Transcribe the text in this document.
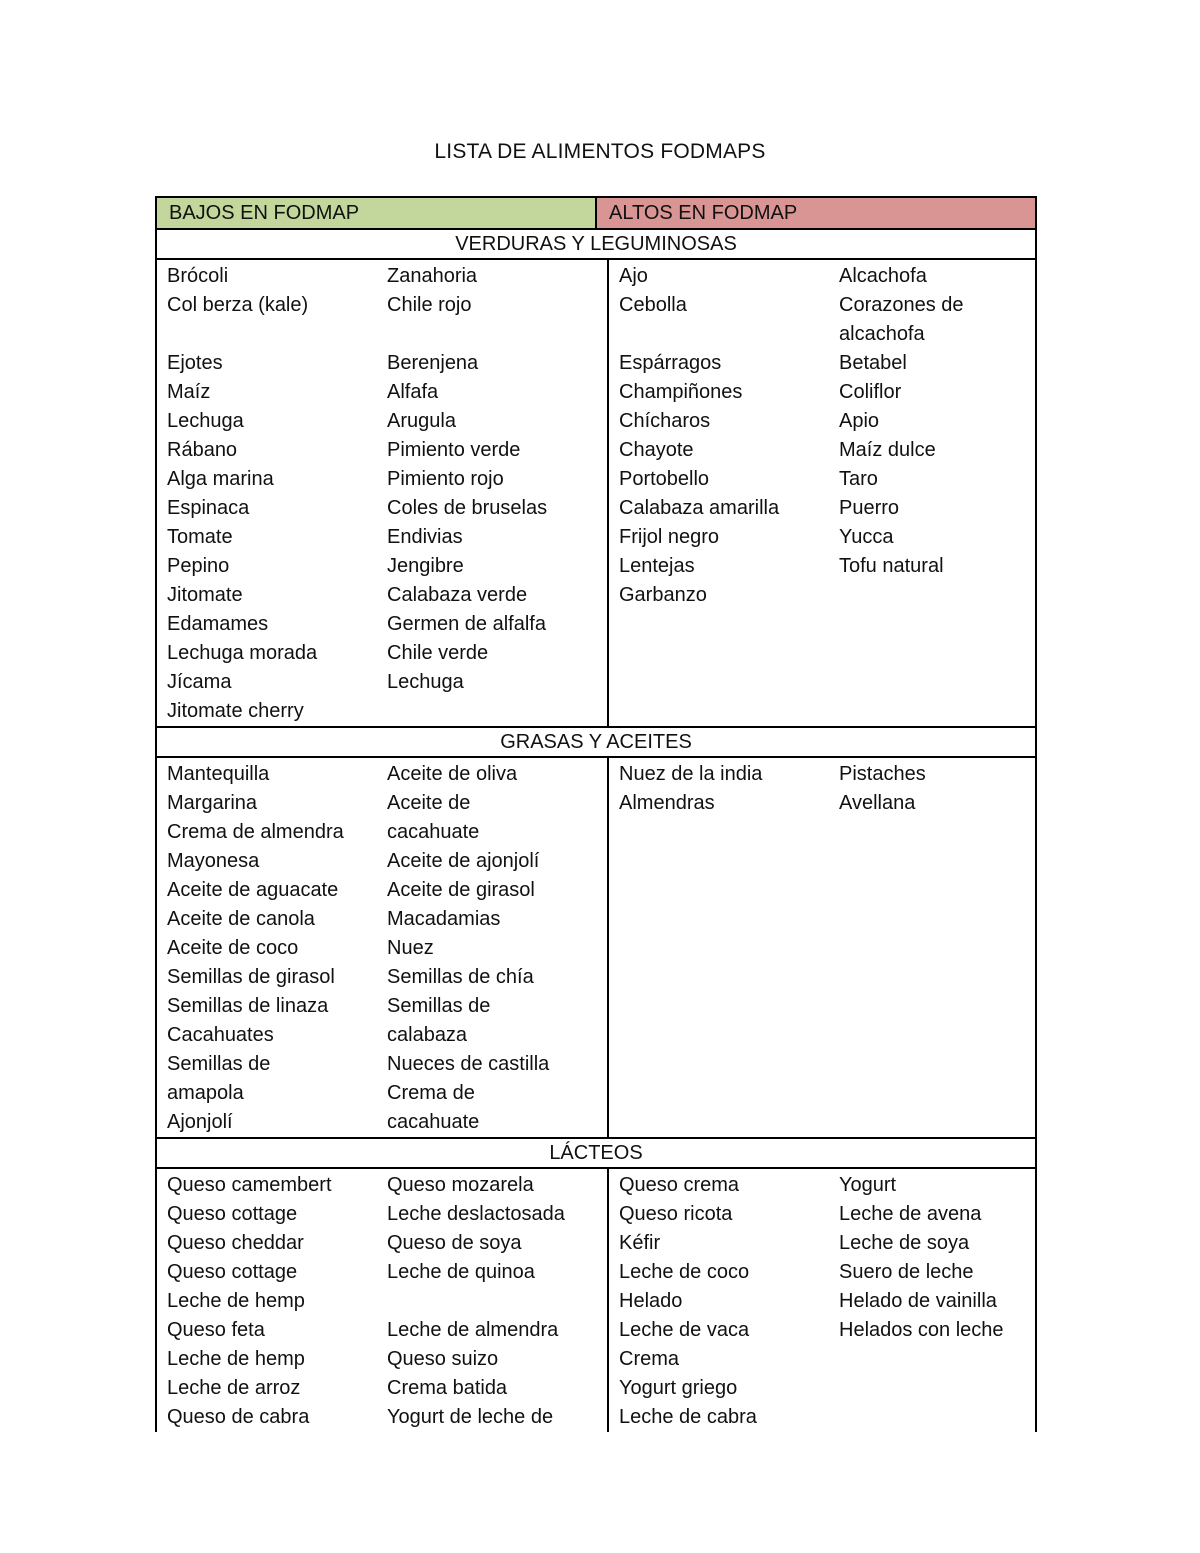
LISTA DE ALIMENTOS FODMAPS
BAJOS EN FODMAP	ALTOS EN FODMAP
VERDURAS Y LEGUMINOSAS
Brócoli
Col berza (kale)
Ejotes
Maíz
Lechuga
Rábano
Alga marina
Espinaca
Tomate
Pepino
Jitomate
Edamames
Lechuga morada
Jícama
Jitomate cherry
Zanahoria
Chile rojo
Berenjena
Alfafa
Arugula
Pimiento verde
Pimiento rojo
Coles de bruselas
Endivias
Jengibre
Calabaza verde
Germen de alfalfa
Chile verde
Lechuga
Ajo
Cebolla
Espárragos
Champiñones
Chícharos
Chayote
Portobello
Calabaza amarilla
Frijol negro
Lentejas
Garbanzo
Alcachofa
Corazones de
alcachofa
Betabel
Coliflor
Apio
Maíz dulce
Taro
Puerro
Yucca
Tofu natural
GRASAS Y ACEITES
Mantequilla
Margarina
Crema de almendra
Mayonesa
Aceite de aguacate
Aceite de canola
Aceite de coco
Semillas de girasol
Semillas de linaza
Cacahuates
Semillas de
amapola
Ajonjolí
Aceite de oliva
Aceite de
cacahuate
Aceite de ajonjolí
Aceite de girasol
Macadamias
Nuez
Semillas de chía
Semillas de
calabaza
Nueces de castilla
Crema de
cacahuate
Nuez de la india
Almendras
Pistaches
Avellana
LÁCTEOS
Queso camembert
Queso cottage
Queso cheddar
Queso cottage
Leche de hemp
Queso feta
Leche de hemp
Leche de arroz
Queso de cabra
Queso mozarela
Leche deslactosada
Queso de soya
Leche de quinoa
Leche de almendra
Queso suizo
Crema batida
Yogurt de leche de
Queso crema
Queso ricota
Kéfir
Leche de coco
Helado
Leche de vaca
Crema
Yogurt griego
Leche de cabra
Yogurt
Leche de avena
Leche de soya
Suero de leche
Helado de vainilla
Helados con leche
